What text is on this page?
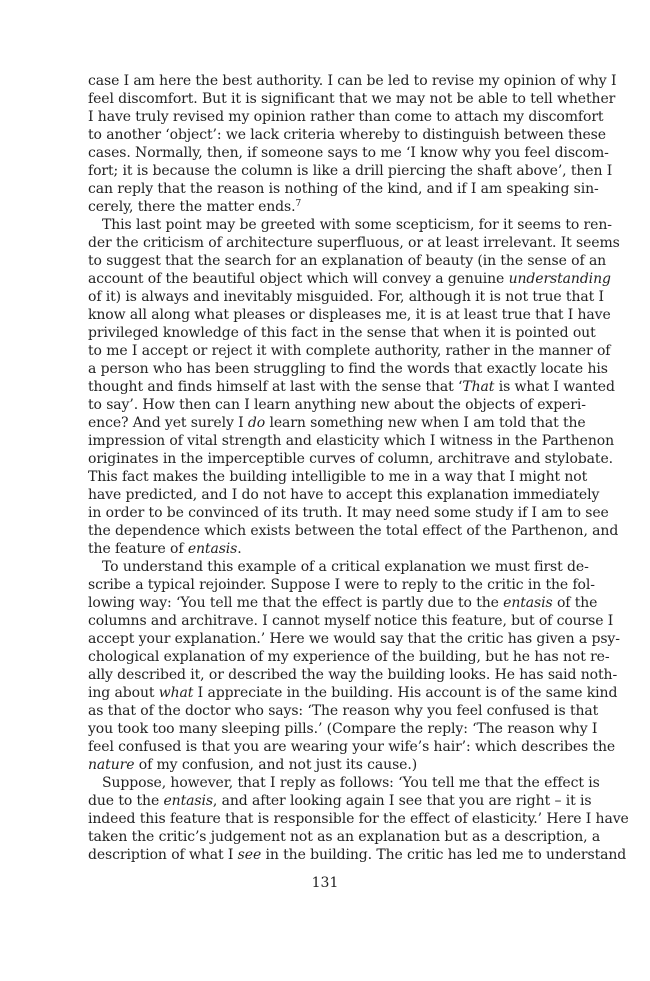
case I am here the best authority. I can be led to revise my opinion of why I
feel discomfort. But it is significant that we may not be able to tell whether
I have truly revised my opinion rather than come to attach my discomfort
to another ‘object’: we lack criteria whereby to distinguish between these
cases. Normally, then, if someone says to me ‘I know why you feel discom-
fort; it is because the column is like a drill piercing the shaft above’, then I
can reply that the reason is nothing of the kind, and if I am speaking sin-
cerely, there the matter ends.$^7$
This last point may be greeted with some scepticism, for it seems to ren-
der the criticism of architecture superfluous, or at least irrelevant. It seems
to suggest that the search for an explanation of beauty (in the sense of an
account of the beautiful object which will convey a genuine understanding
of it) is always and inevitably misguided. For, although it is not true that I
know all along what pleases or displeases me, it is at least true that I have
privileged knowledge of this fact in the sense that when it is pointed out
to me I accept or reject it with complete authority, rather in the manner of
a person who has been struggling to find the words that exactly locate his
thought and finds himself at last with the sense that ‘That is what I wanted
to say’. How then can I learn anything new about the objects of experi-
ence? And yet surely I do learn something new when I am told that the
impression of vital strength and elasticity which I witness in the Parthenon
originates in the imperceptible curves of column, architrave and stylobate.
This fact makes the building intelligible to me in a way that I might not
have predicted, and I do not have to accept this explanation immediately
in order to be convinced of its truth. It may need some study if I am to see
the dependence which exists between the total effect of the Parthenon, and
the feature of entasis.
To understand this example of a critical explanation we must first de-
scribe a typical rejoinder. Suppose I were to reply to the critic in the fol-
lowing way: ‘You tell me that the effect is partly due to the entasis of the
columns and architrave. I cannot myself notice this feature, but of course I
accept your explanation.’ Here we would say that the critic has given a psy-
chological explanation of my experience of the building, but he has not re-
ally described it, or described the way the building looks. He has said noth-
ing about what I appreciate in the building. His account is of the same kind
as that of the doctor who says: ‘The reason why you feel confused is that
you took too many sleeping pills.’ (Compare the reply: ‘The reason why I
feel confused is that you are wearing your wife’s hair’: which describes the
nature of my confusion, and not just its cause.)
Suppose, however, that I reply as follows: ‘You tell me that the effect is
due to the entasis, and after looking again I see that you are right – it is
indeed this feature that is responsible for the effect of elasticity.’ Here I have
taken the critic’s judgement not as an explanation but as a description, a
description of what I see in the building. The critic has led me to understand
131
